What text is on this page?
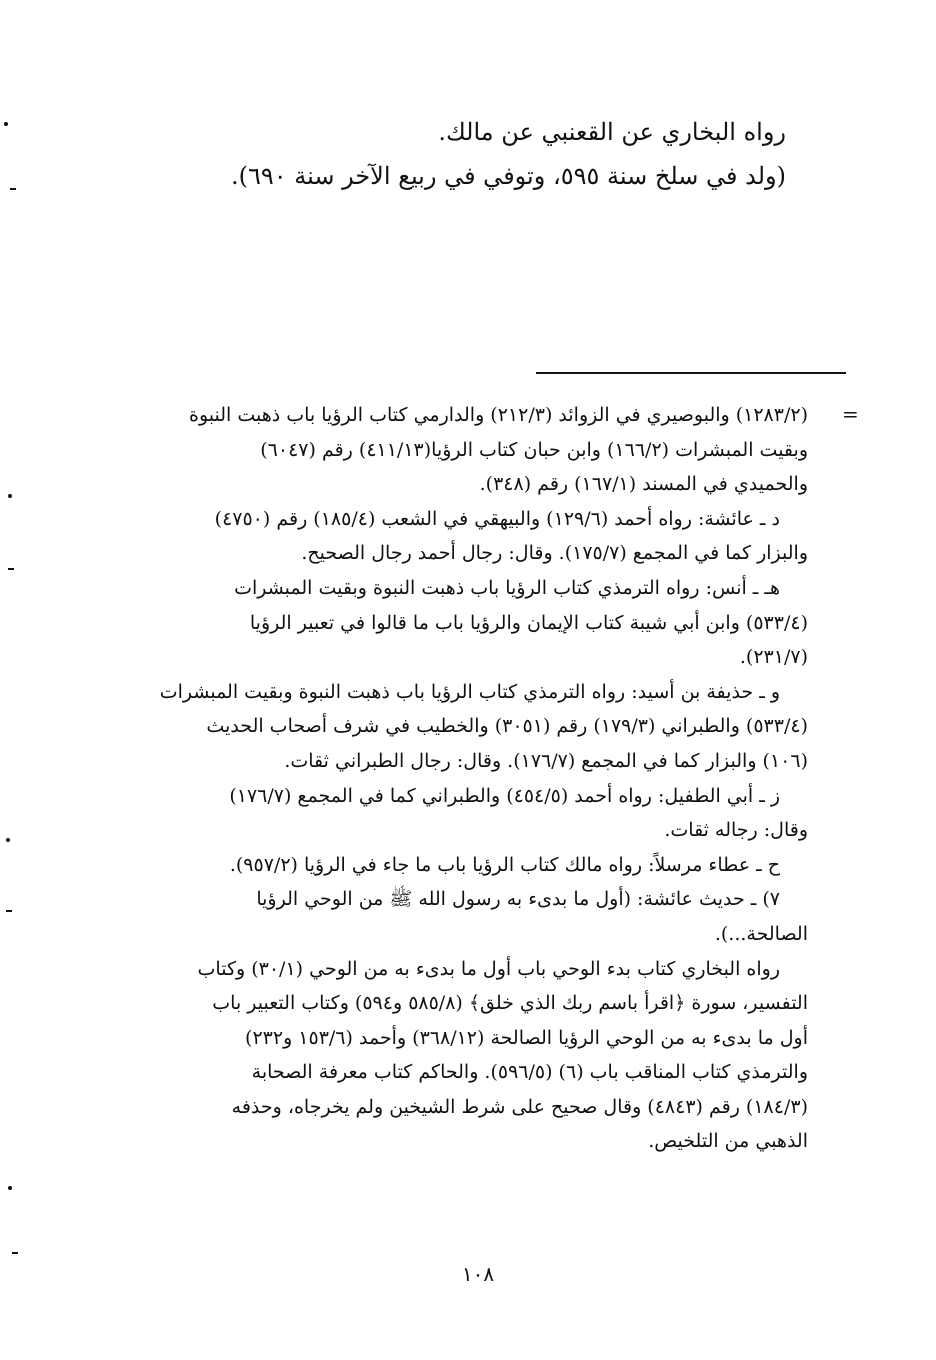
رواه البخاري عن القعنبي عن مالك.
(ولد في سلخ سنة ٥٩٥، وتوفي في ربيع الآخر سنة ٦٩٠).
=
(١٢٨٣/٢) والبوصيري في الزوائد (٢١٢/٣) والدارمي كتاب الرؤيا باب ذهبت النبوة
وبقيت المبشرات (١٦٦/٢) وابن حبان كتاب الرؤيا(٤١١/١٣) رقم (٦٠٤٧)
والحميدي في المسند (١٦٧/١) رقم (٣٤٨).
د ـ عائشة: رواه أحمد (١٢٩/٦) والبيهقي في الشعب (١٨٥/٤) رقم (٤٧٥٠)
والبزار كما في المجمع (١٧٥/٧). وقال: رجال أحمد رجال الصحيح.
هـ ـ أنس: رواه الترمذي كتاب الرؤيا باب ذهبت النبوة وبقيت المبشرات
(٥٣٣/٤) وابن أبي شيبة كتاب الإيمان والرؤيا باب ما قالوا في تعبير الرؤيا
(٢٣١/٧).
و ـ حذيفة بن أسيد: رواه الترمذي كتاب الرؤيا باب ذهبت النبوة وبقيت المبشرات
(٥٣٣/٤) والطبراني (١٧٩/٣) رقم (٣٠٥١) والخطيب في شرف أصحاب الحديث
(١٠٦) والبزار كما في المجمع (١٧٦/٧). وقال: رجال الطبراني ثقات.
ز ـ أبي الطفيل: رواه أحمد (٤٥٤/٥) والطبراني كما في المجمع (١٧٦/٧)
وقال: رجاله ثقات.
ح ـ عطاء مرسلاً: رواه مالك كتاب الرؤيا باب ما جاء في الرؤيا (٩٥٧/٢).
٧) ـ حديث عائشة: (أول ما بدىء به رسول الله ﷺ من الوحي الرؤيا
الصالحة...).
رواه البخاري كتاب بدء الوحي باب أول ما بدىء به من الوحي (٣٠/١) وكتاب
التفسير، سورة ﴿اقرأ باسم ربك الذي خلق﴾ (٥٨٥/٨ و٥٩٤) وكتاب التعبير باب
أول ما بدىء به من الوحي الرؤيا الصالحة (٣٦٨/١٢) وأحمد (١٥٣/٦ و٢٣٢)
والترمذي كتاب المناقب باب (٦) (٥٩٦/٥). والحاكم كتاب معرفة الصحابة
(١٨٤/٣) رقم (٤٨٤٣) وقال صحيح على شرط الشيخين ولم يخرجاه، وحذفه
الذهبي من التلخيص.
١٠٨
